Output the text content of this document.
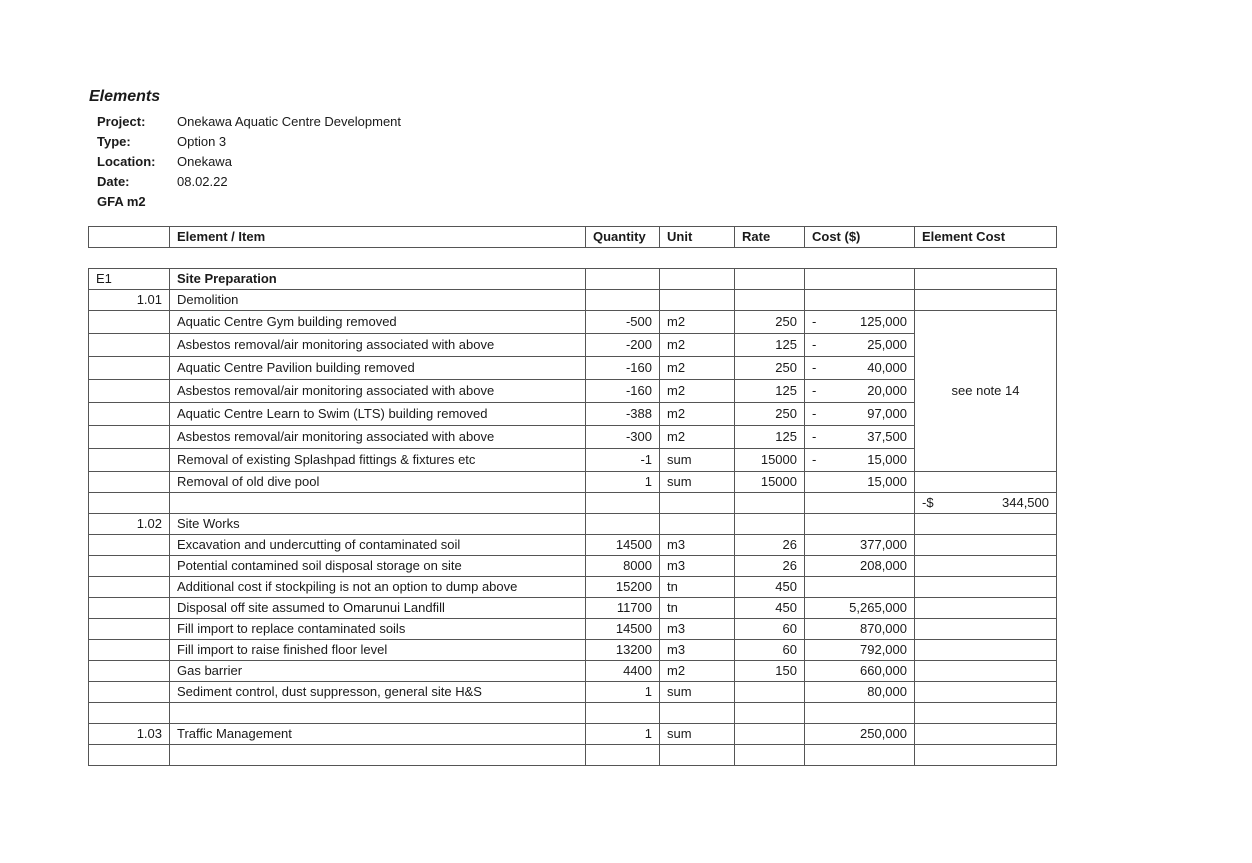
Elements
Project:	Onekawa Aquatic Centre Development
Type:	Option 3
Location:	Onekawa
Date:	08.02.22
GFA m2
	Element / Item	Quantity	Unit	Rate	Cost ($)	Element Cost
E1	Site Preparation					
1.01	Demolition					
	Aquatic Centre Gym building removed	-500	m2	250	- 125,000	see note 14
	Asbestos removal/air monitoring associated with above	-200	m2	125	- 25,000	
	Aquatic Centre Pavilion building removed	-160	m2	250	- 40,000	
	Asbestos removal/air monitoring associated with above	-160	m2	125	- 20,000	
	Aquatic Centre Learn to Swim (LTS) building removed	-388	m2	250	- 97,000	
	Asbestos removal/air monitoring associated with above	-300	m2	125	- 37,500	
	Removal of existing Splashpad fittings & fixtures etc	-1	sum	15000	- 15,000	
	Removal of old dive pool	1	sum	15000	15,000	

						-$ 344,500

1.02	Site Works					
	Excavation and undercutting of contaminated soil	14500	m3	26	377,000	
	Potential contamined soil disposal storage on site	8000	m3	26	208,000	
	Additional cost if stockpiling is not an option to dump above	15200	tn	450		
	Disposal off site assumed to Omarunui Landfill	11700	tn	450	5,265,000	
	Fill import to replace contaminated soils	14500	m3	60	870,000	
	Fill import to raise finished floor level	13200	m3	60	792,000	
	Gas barrier	4400	m2	150	660,000	
	Sediment control, dust suppresson, general site H&S	1	sum		80,000	

1.03	Traffic Management	1	sum		250,000	
